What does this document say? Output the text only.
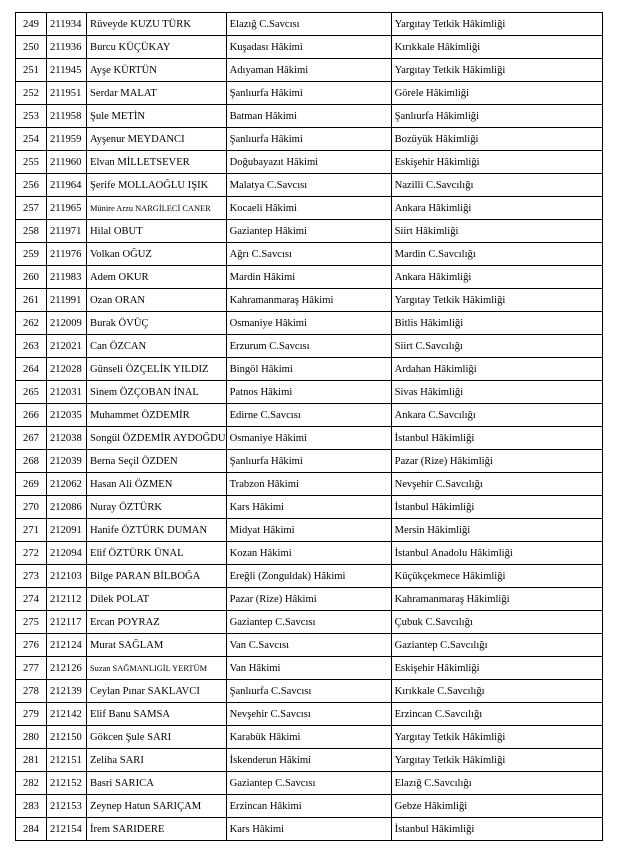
249	211934	Rüveyde KUZU TÜRK	Elazığ C.Savcısı	Yargıtay Tetkik Hâkimliği
250	211936	Burcu KÜÇÜKAY	Kuşadası Hâkimi	Kırıkkale Hâkimliği
251	211945	Ayşe KÜRTÜN	Adıyaman Hâkimi	Yargıtay Tetkik Hâkimliği
252	211951	Serdar MALAT	Şanlıurfa Hâkimi	Görele Hâkimliği
253	211958	Şule METİN	Batman Hâkimi	Şanlıurfa Hâkimliği
254	211959	Ayşenur MEYDANCI	Şanlıurfa Hâkimi	Bozüyük Hâkimliği
255	211960	Elvan MİLLETSEVER	Doğubayazıt Hâkimi	Eskişehir Hâkimliği
256	211964	Şerife MOLLAOĞLU IŞIK	Malatya C.Savcısı	Nazilli C.Savcılığı
257	211965	Münire Arzu NARGİLECİ CANER	Kocaeli Hâkimi	Ankara Hâkimliği
258	211971	Hilal OBUT	Gaziantep Hâkimi	Siirt Hâkimliği
259	211976	Volkan OĞUZ	Ağrı C.Savcısı	Mardin C.Savcılığı
260	211983	Adem OKUR	Mardin Hâkimi	Ankara Hâkimliği
261	211991	Ozan ORAN	Kahramanmaraş Hâkimi	Yargıtay Tetkik Hâkimliği
262	212009	Burak ÖVÜÇ	Osmaniye Hâkimi	Bitlis Hâkimliği
263	212021	Can ÖZCAN	Erzurum C.Savcısı	Siirt C.Savcılığı
264	212028	Günseli ÖZÇELİK YILDIZ	Bingöl Hâkimi	Ardahan Hâkimliği
265	212031	Sinem ÖZÇOBAN İNAL	Patnos Hâkimi	Sivas Hâkimliği
266	212035	Muhammet ÖZDEMİR	Edirne C.Savcısı	Ankara C.Savcılığı
267	212038	Songül ÖZDEMİR AYDOĞDU	Osmaniye Hâkimi	İstanbul Hâkimliği
268	212039	Berna Seçil ÖZDEN	Şanlıurfa Hâkimi	Pazar (Rize) Hâkimliği
269	212062	Hasan Ali ÖZMEN	Trabzon Hâkimi	Nevşehir C.Savcılığı
270	212086	Nuray ÖZTÜRK	Kars Hâkimi	İstanbul Hâkimliği
271	212091	Hanife ÖZTÜRK DUMAN	Midyat Hâkimi	Mersin Hâkimliği
272	212094	Elif ÖZTÜRK ÜNAL	Kozan Hâkimi	İstanbul Anadolu Hâkimliği
273	212103	Bilge PARAN BİLBOĞA	Ereğli (Zonguldak) Hâkimi	Küçükçekmece Hâkimliği
274	212112	Dilek POLAT	Pazar (Rize) Hâkimi	Kahramanmaraş Hâkimliği
275	212117	Ercan POYRAZ	Gaziantep C.Savcısı	Çubuk C.Savcılığı
276	212124	Murat SAĞLAM	Van C.Savcısı	Gaziantep C.Savcılığı
277	212126	Suzan SAĞMANLIGİL YERTÜM	Van Hâkimi	Eskişehir Hâkimliği
278	212139	Ceylan Pınar SAKLAVCI	Şanlıurfa C.Savcısı	Kırıkkale C.Savcılığı
279	212142	Elif Banu SAMSA	Nevşehir C.Savcısı	Erzincan C.Savcılığı
280	212150	Gökcen Şule SARI	Karabük Hâkimi	Yargıtay Tetkik Hâkimliği
281	212151	Zeliha SARI	İskenderun Hâkimi	Yargıtay Tetkik Hâkimliği
282	212152	Basri SARICA	Gaziantep C.Savcısı	Elazığ C.Savcılığı
283	212153	Zeynep Hatun SARIÇAM	Erzincan Hâkimi	Gebze Hâkimliği
284	212154	İrem SARIDERE	Kars Hâkimi	İstanbul Hâkimliği
